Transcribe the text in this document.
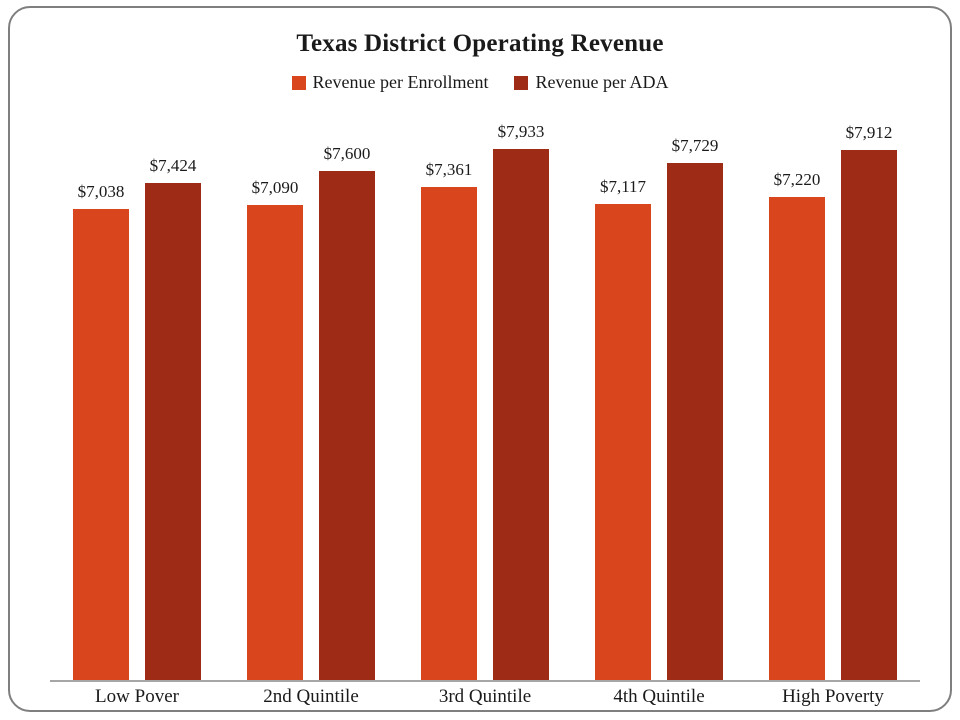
Texas District Operating Revenue
Revenue per Enrollment	Revenue per ADA
$7,038
$7,424
$7,090
$7,600
$7,361
$7,933
$7,117
$7,729
$7,220
$7,912
Low Pover	2nd Quintile	3rd Quintile	4th Quintile	High Poverty
